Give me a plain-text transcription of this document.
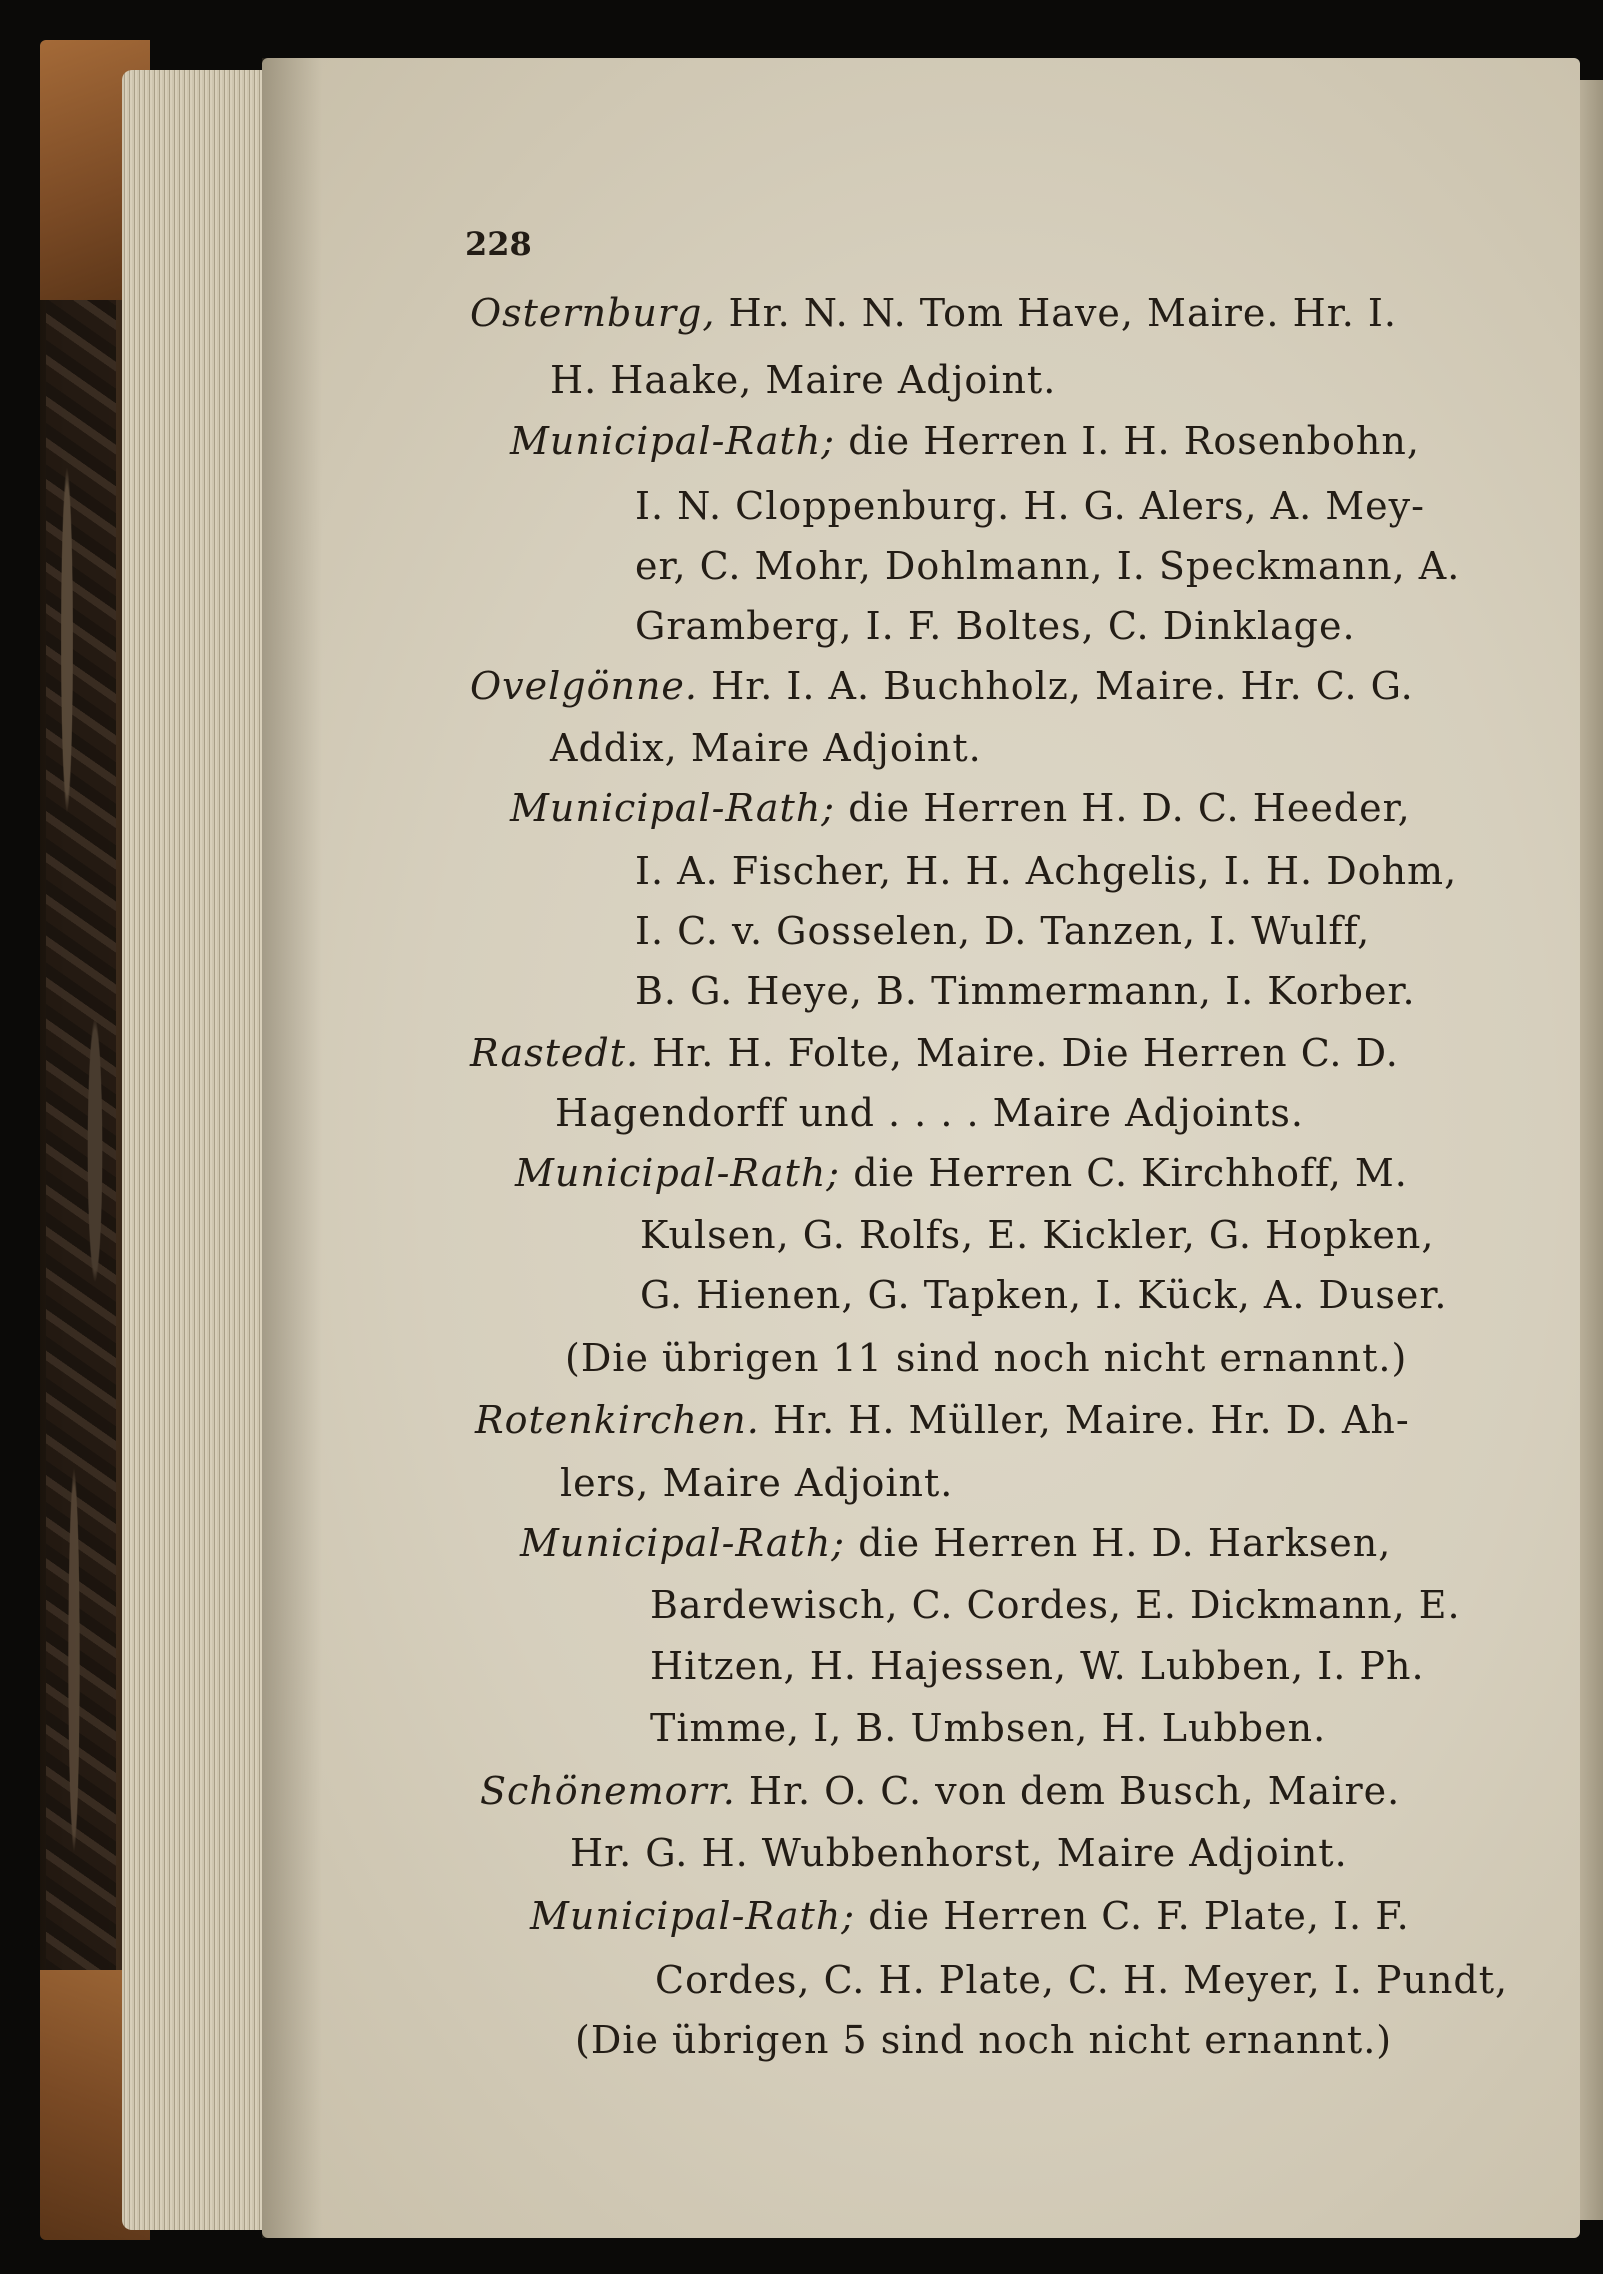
228
Osternburg, Hr. N. N. Tom Have, Maire. Hr. I.
H. Haake, Maire Adjoint.
Municipal-Rath; die Herren I. H. Rosenbohn,
I. N. Cloppenburg. H. G. Alers, A. Mey-
er, C. Mohr, Dohlmann, I. Speckmann, A.
Gramberg, I. F. Boltes, C. Dinklage.
Ovelgönne. Hr. I. A. Buchholz, Maire. Hr. C. G.
Addix, Maire Adjoint.
Municipal-Rath; die Herren H. D. C. Heeder,
I. A. Fischer, H. H. Achgelis, I. H. Dohm,
I. C. v. Gosselen, D. Tanzen, I. Wulff,
B. G. Heye, B. Timmermann, I. Korber.
Rastedt. Hr. H. Folte, Maire. Die Herren C. D.
Hagendorff und . . . . Maire Adjoints.
Municipal-Rath; die Herren C. Kirchhoff, M.
Kulsen, G. Rolfs, E. Kickler, G. Hopken,
G. Hienen, G. Tapken, I. Kück, A. Duser.
(Die übrigen 11 sind noch nicht ernannt.)
Rotenkirchen. Hr. H. Müller, Maire. Hr. D. Ah-
lers, Maire Adjoint.
Municipal-Rath; die Herren H. D. Harksen,
Bardewisch, C. Cordes, E. Dickmann, E.
Hitzen, H. Hajessen, W. Lubben, I. Ph.
Timme, I, B. Umbsen, H. Lubben.
Schönemorr. Hr. O. C. von dem Busch, Maire.
Hr. G. H. Wubbenhorst, Maire Adjoint.
Municipal-Rath; die Herren C. F. Plate, I. F.
Cordes, C. H. Plate, C. H. Meyer, I. Pundt,
(Die übrigen 5 sind noch nicht ernannt.)
